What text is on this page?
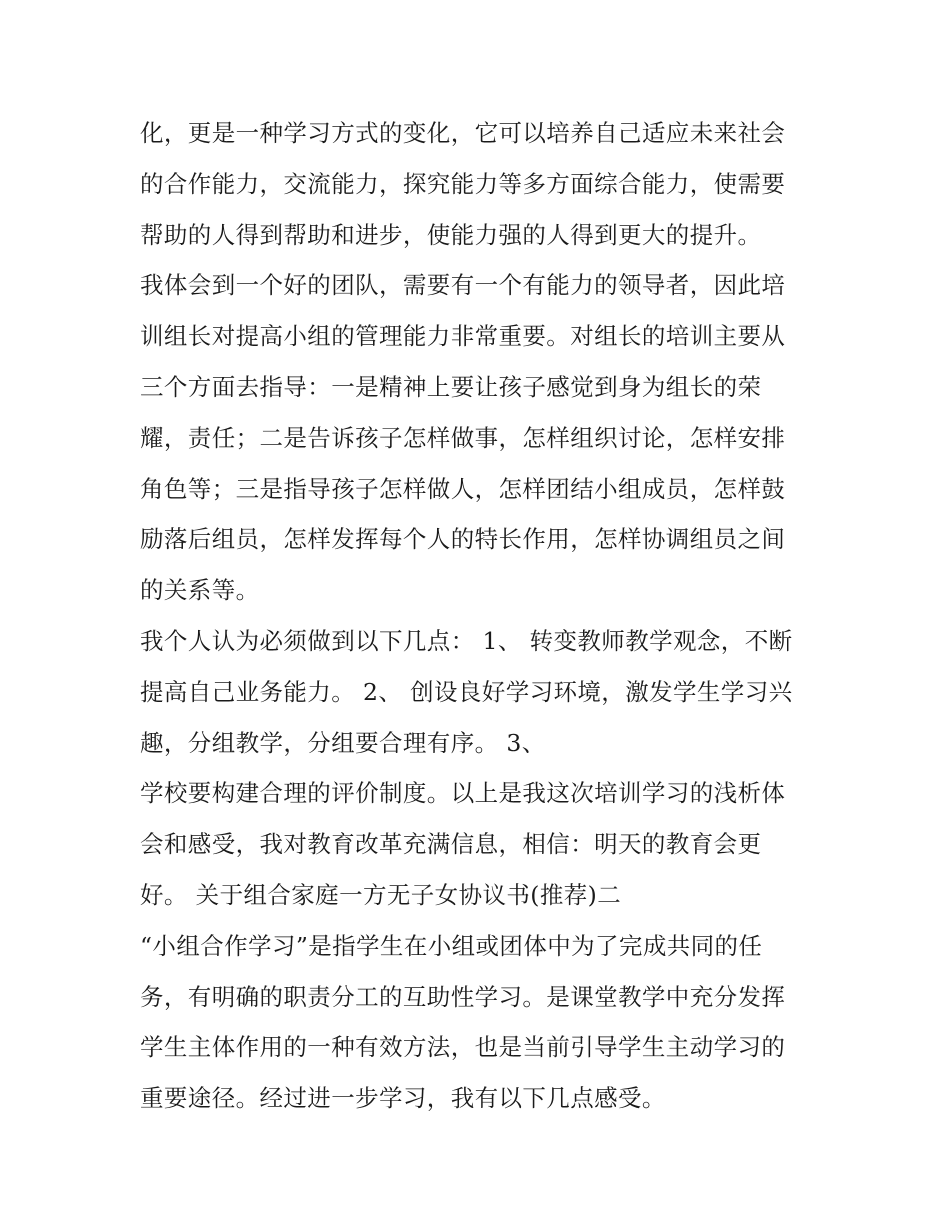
化，更是一种学习方式的变化，它可以培养自己适应未来社会
的合作能力，交流能力，探究能力等多方面综合能力，使需要
帮助的人得到帮助和进步，使能力强的人得到更大的提升。
我体会到一个好的团队，需要有一个有能力的领导者，因此培
训组长对提高小组的管理能力非常重要。对组长的培训主要从
三个方面去指导：一是精神上要让孩子感觉到身为组长的荣
耀，责任；二是告诉孩子怎样做事，怎样组织讨论，怎样安排
角色等；三是指导孩子怎样做人，怎样团结小组成员，怎样鼓
励落后组员，怎样发挥每个人的特长作用，怎样协调组员之间
的关系等。
我个人认为必须做到以下几点： 1、 转变教师教学观念，不断
提高自己业务能力。 2、 创设良好学习环境，激发学生学习兴
趣，分组教学，分组要合理有序。 3、
学校要构建合理的评价制度。以上是我这次培训学习的浅析体
会和感受，我对教育改革充满信息，相信：明天的教育会更
好。 关于组合家庭一方无子女协议书(推荐)二
“小组合作学习”是指学生在小组或团体中为了完成共同的任
务，有明确的职责分工的互助性学习。是课堂教学中充分发挥
学生主体作用的一种有效方法，也是当前引导学生主动学习的
重要途径。经过进一步学习，我有以下几点感受。
